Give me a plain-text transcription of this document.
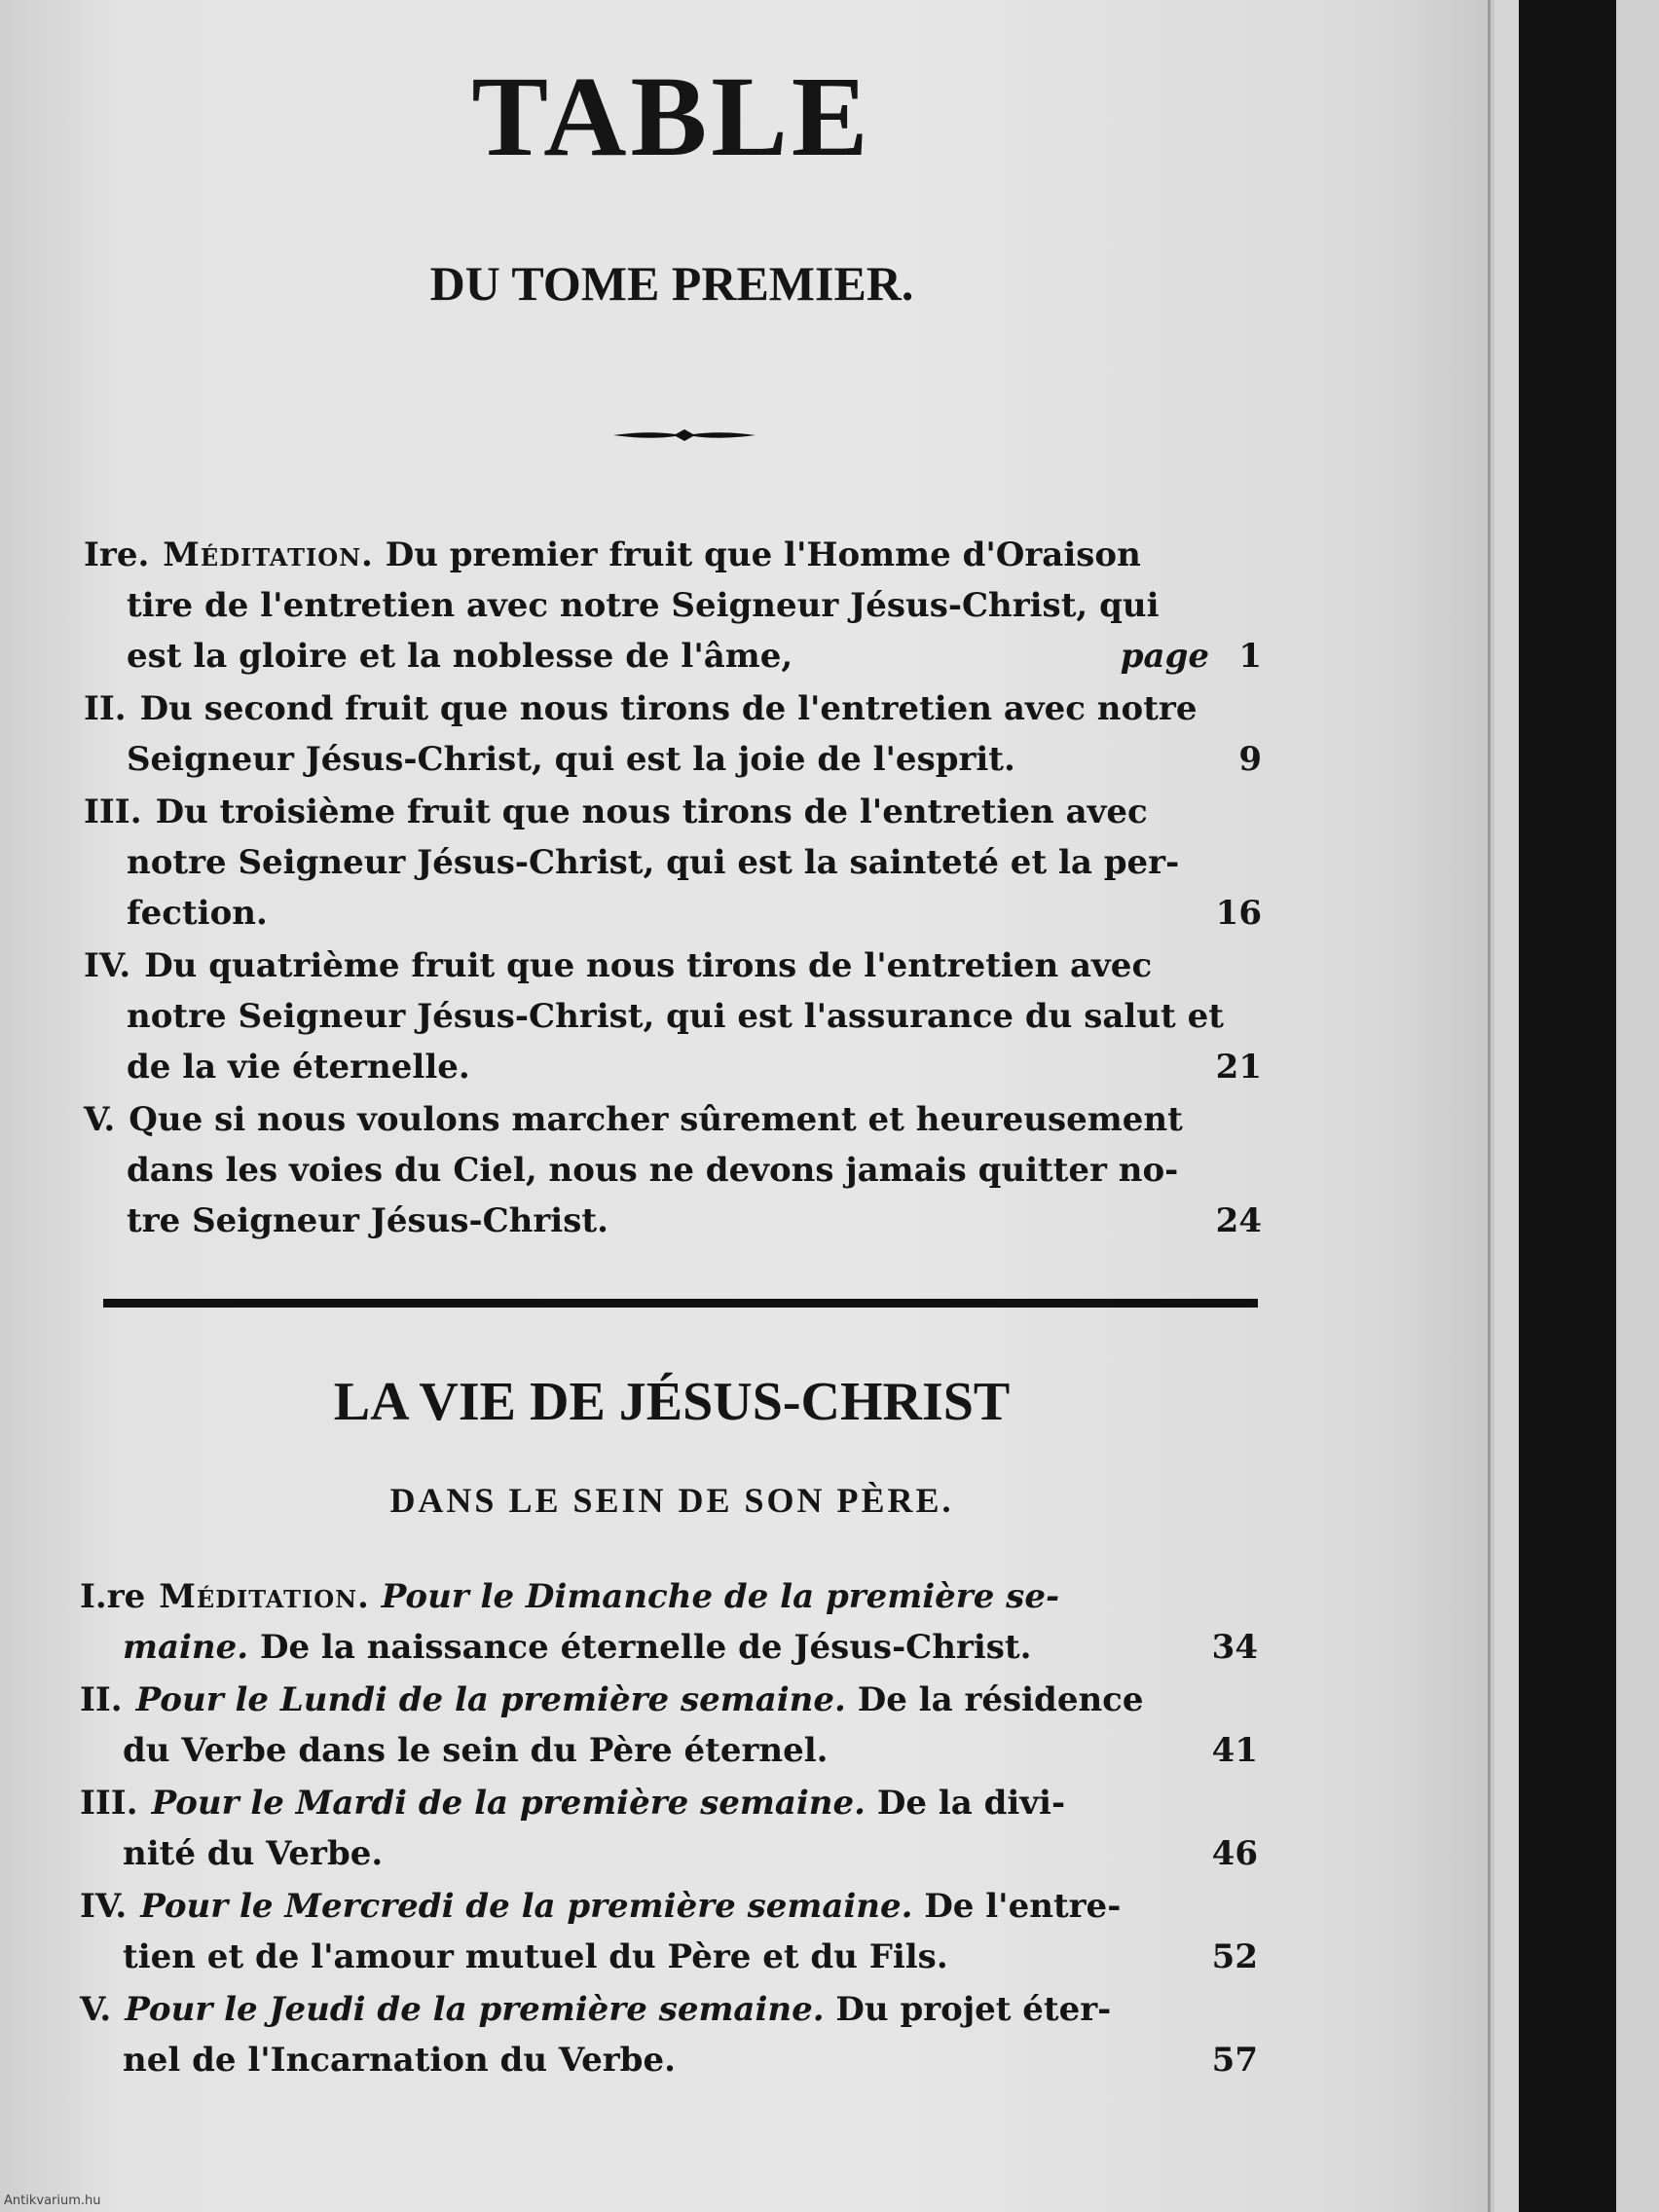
TABLE
DU TOME PREMIER.
Ire. Méditation. Du premier fruit que l'Homme d'Oraison
tire de l'entretien avec notre Seigneur Jésus-Christ, qui
est la gloire et la noblesse de l'âme,	page 1
II. Du second fruit que nous tirons de l'entretien avec notre
Seigneur Jésus-Christ, qui est la joie de l'esprit.	9
III. Du troisième fruit que nous tirons de l'entretien avec
notre Seigneur Jésus-Christ, qui est la sainteté et la per-
fection.	16
IV. Du quatrième fruit que nous tirons de l'entretien avec
notre Seigneur Jésus-Christ, qui est l'assurance du salut et
de la vie éternelle.	21
V. Que si nous voulons marcher sûrement et heureusement
dans les voies du Ciel, nous ne devons jamais quitter no-
tre Seigneur Jésus-Christ.	24
LA VIE DE JÉSUS-CHRIST
DANS LE SEIN DE SON PÈRE.
I.re Méditation. Pour le Dimanche de la première se-
maine. De la naissance éternelle de Jésus-Christ.	34
II. Pour le Lundi de la première semaine. De la résidence
du Verbe dans le sein du Père éternel.	41
III. Pour le Mardi de la première semaine. De la divi-
nité du Verbe.	46
IV. Pour le Mercredi de la première semaine. De l'entre-
tien et de l'amour mutuel du Père et du Fils.	52
V. Pour le Jeudi de la première semaine. Du projet éter-
nel de l'Incarnation du Verbe.	57
Antikvarium.hu
